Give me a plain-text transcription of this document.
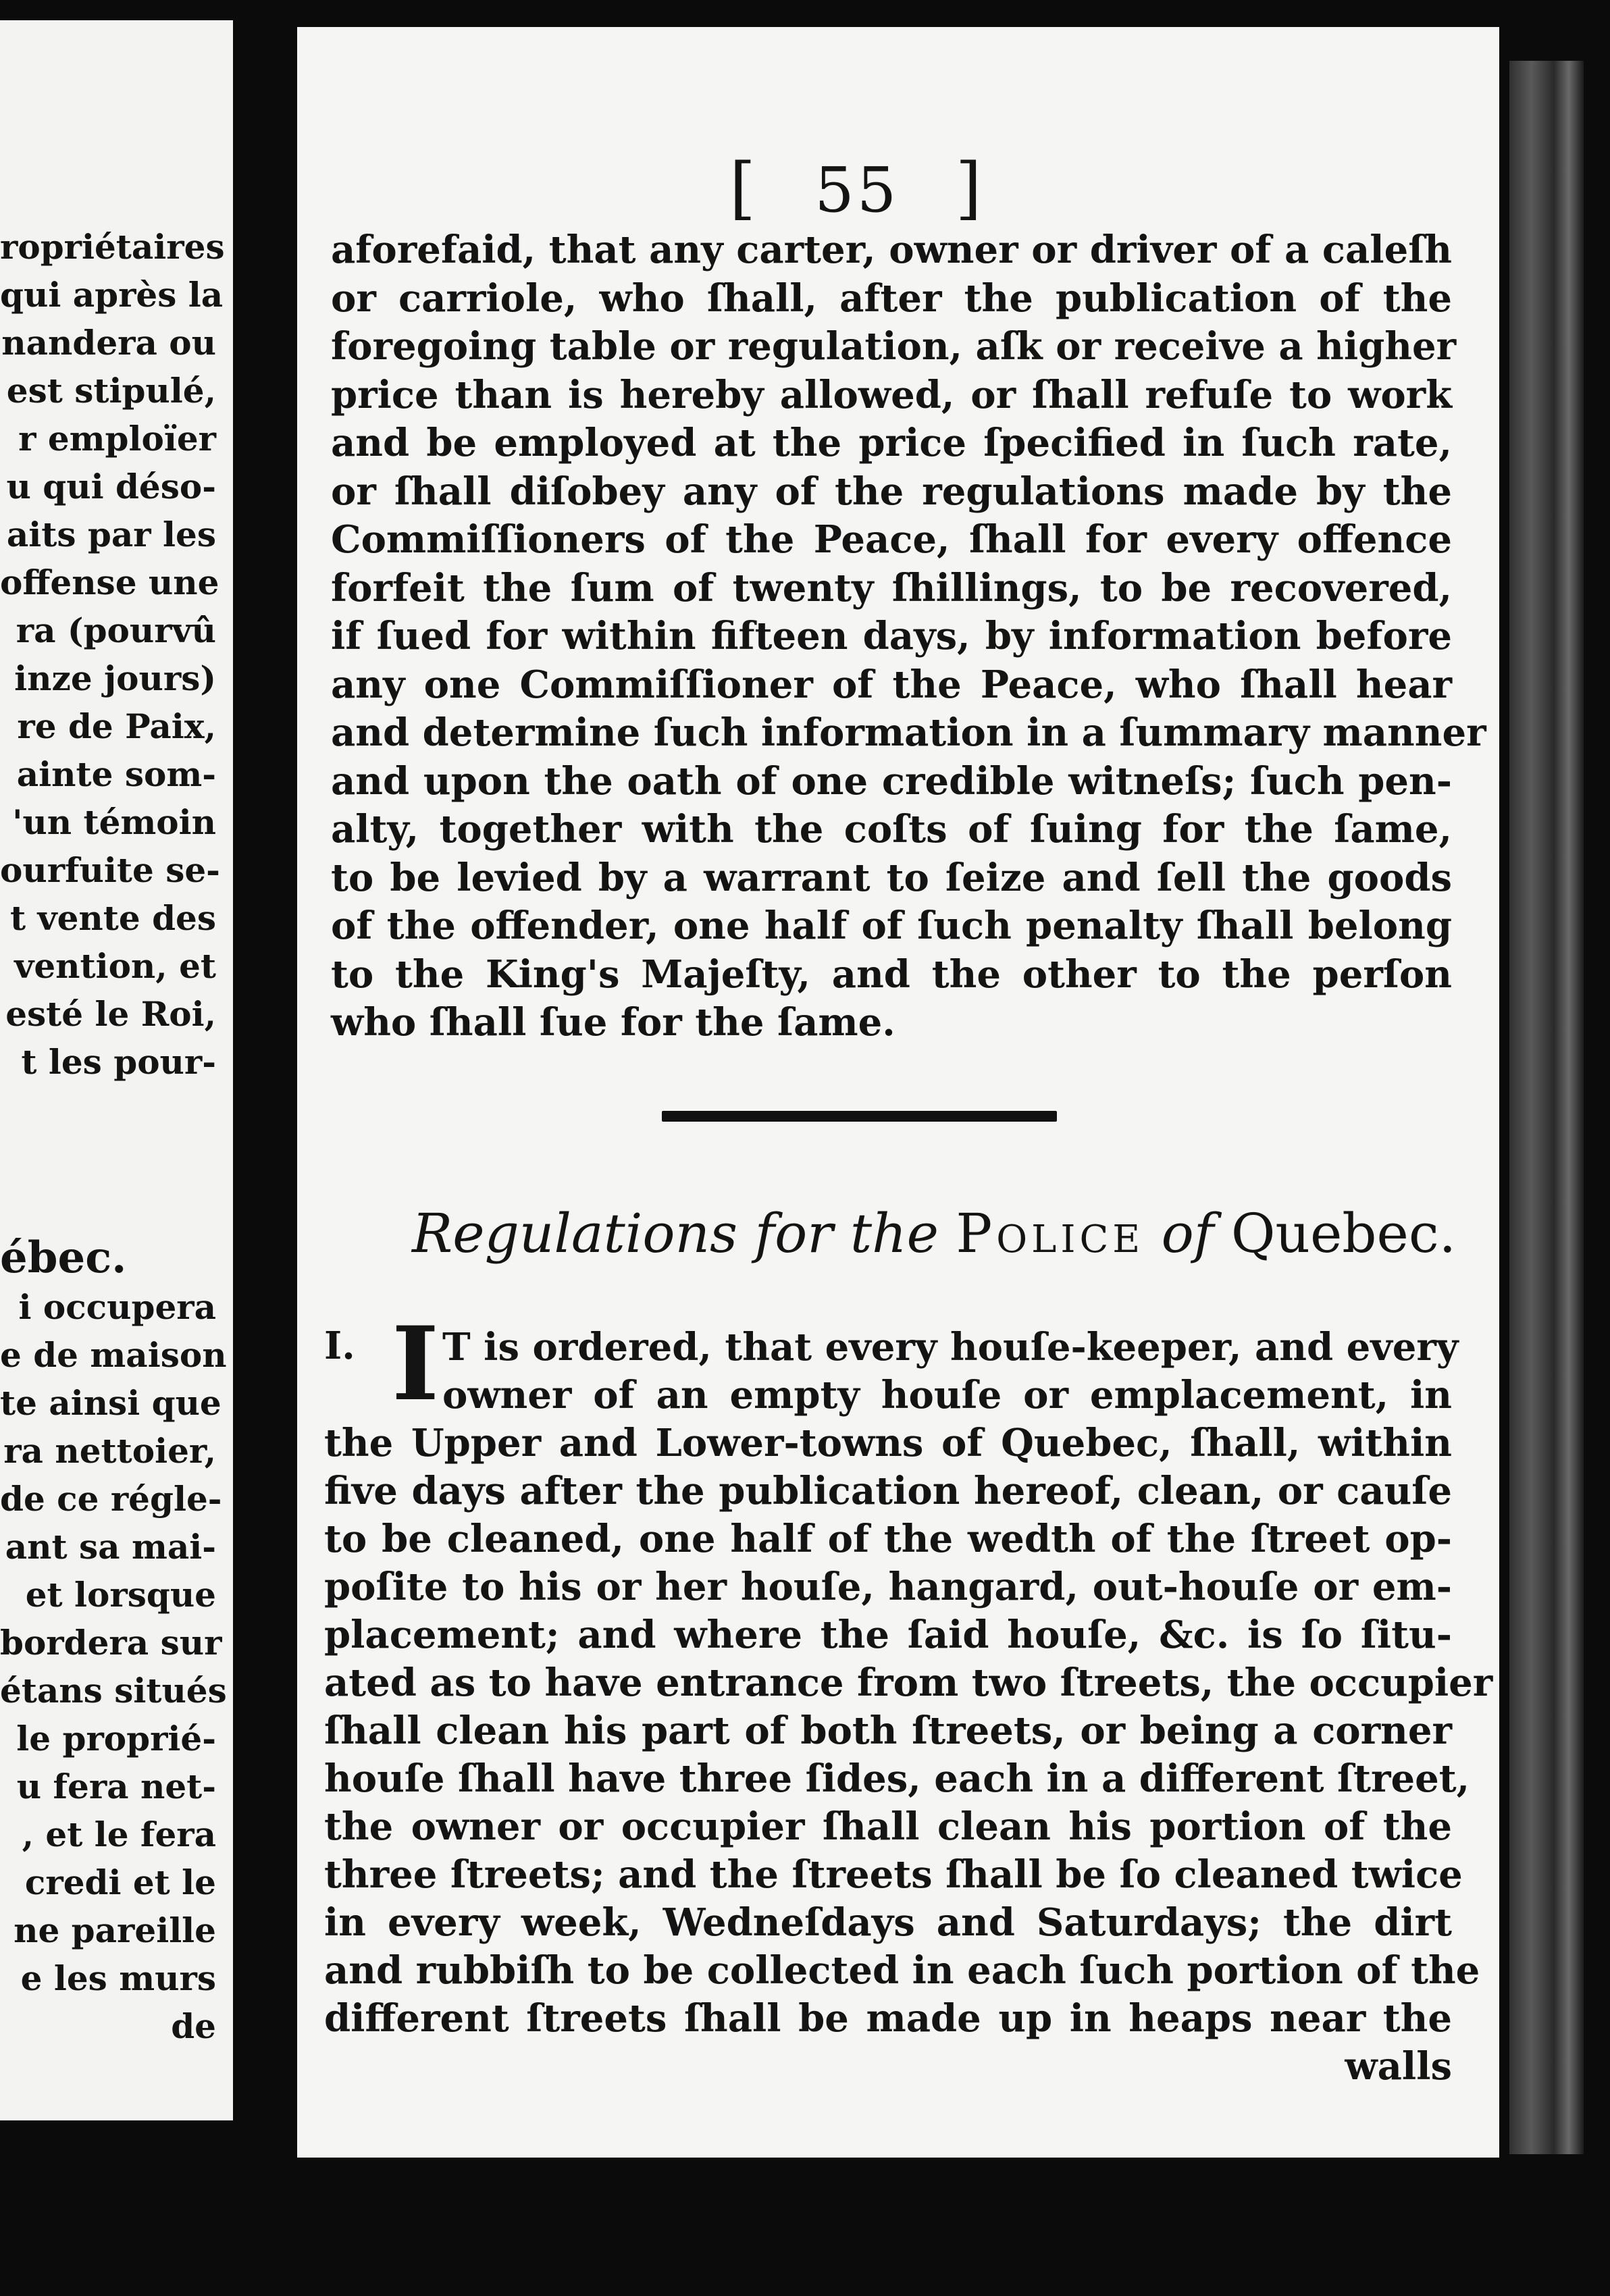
ropriétaires
qui après la
nandera ou
est stipulé,
r emploïer
u qui déso-
aits par les
offense une
ra (pourvû
inze jours)
re de Paix,
ainte som-
'un témoin
ourfuite se-
t vente des
vention, et
esté le Roi,
t les pour-
ébec.
i occupera
e de maison
te ainsi que
ra nettoier,
de ce régle-
ant sa mai-
et lorsque
bordera sur
étans situés
le proprié-
u fera net-
, et le fera
credi et le
ne pareille
e les murs
de
[ 55 ]
aforefaid, that any carter, owner or driver of a caleſh
or carriole, who ſhall, after the publication of the
foregoing table or regulation, aſk or receive a higher
price than is hereby allowed, or ſhall refuſe to work
and be employed at the price ſpecified in ſuch rate,
or ſhall diſobey any of the regulations made by the
Commiſſioners of the Peace, ſhall for every offence
forfeit the ſum of twenty ſhillings, to be recovered,
if ſued for within fifteen days, by information before
any one Commiſſioner of the Peace, who ſhall hear
and determine ſuch information in a ſummary manner
and upon the oath of one credible witneſs; ſuch pen-
alty, together with the coſts of ſuing for the ſame,
to be levied by a warrant to ſeize and ſell the goods
of the offender, one half of ſuch penalty ſhall belong
to the King's Majeſty, and the other to the perſon
who ſhall ſue for the ſame.
Regulations for the Police of Quebec.
T is ordered, that every houſe-keeper, and every
owner of an empty houſe or emplacement, in
the Upper and Lower-towns of Quebec, ſhall, within
five days after the publication hereof, clean, or cauſe
to be cleaned, one half of the wedth of the ſtreet op-
poſite to his or her houſe, hangard, out-houſe or em-
placement; and where the ſaid houſe, &c. is ſo ſitu-
ated as to have entrance from two ſtreets, the occupier
ſhall clean his part of both ſtreets, or being a corner
houſe ſhall have three ſides, each in a different ſtreet,
the owner or occupier ſhall clean his portion of the
three ſtreets; and the ſtreets ſhall be ſo cleaned twice
in every week, Wedneſdays and Saturdays; the dirt
and rubbiſh to be collected in each ſuch portion of the
different ſtreets ſhall be made up in heaps near the
walls
I. I
